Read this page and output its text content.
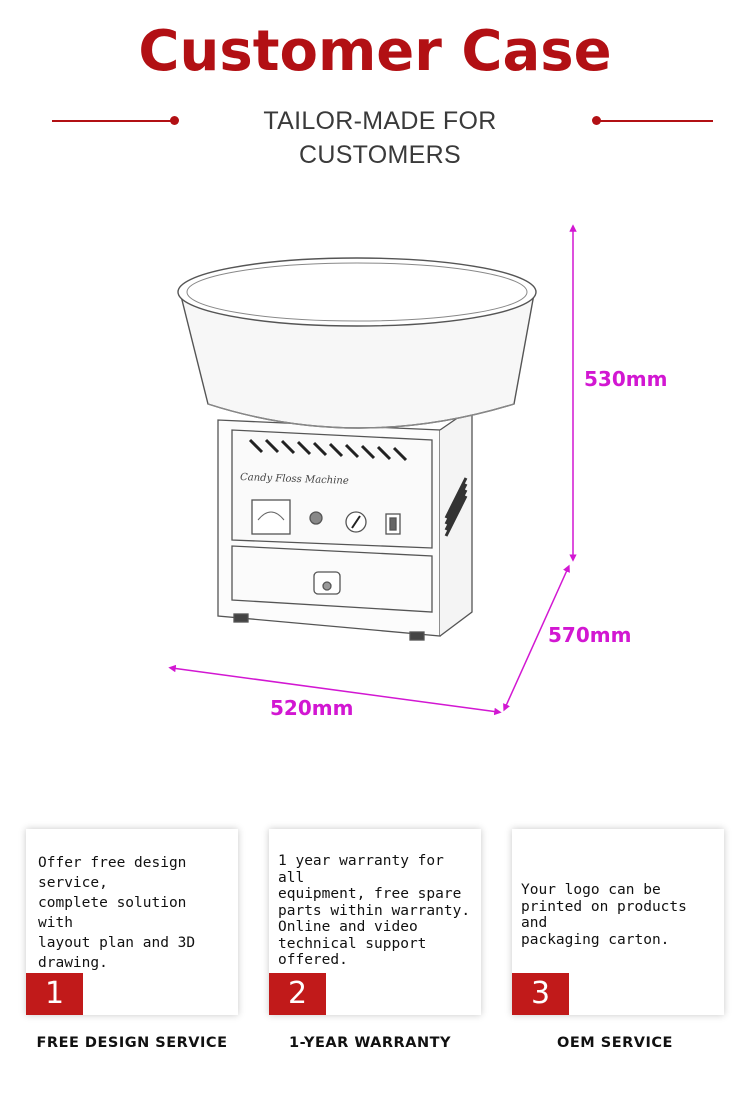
Customer Case
TAILOR-MADE FOR CUSTOMERS
Candy Floss Machine
530mm
570mm
520mm
Offer free design
service,
complete solution with
layout plan and 3D
drawing.
1
FREE DESIGN SERVICE
1 year warranty for all
equipment, free spare
parts within warranty.
Online and video
technical support
offered.
2
1-YEAR WARRANTY
Your logo can be
printed on products and
packaging carton.
3
OEM SERVICE
